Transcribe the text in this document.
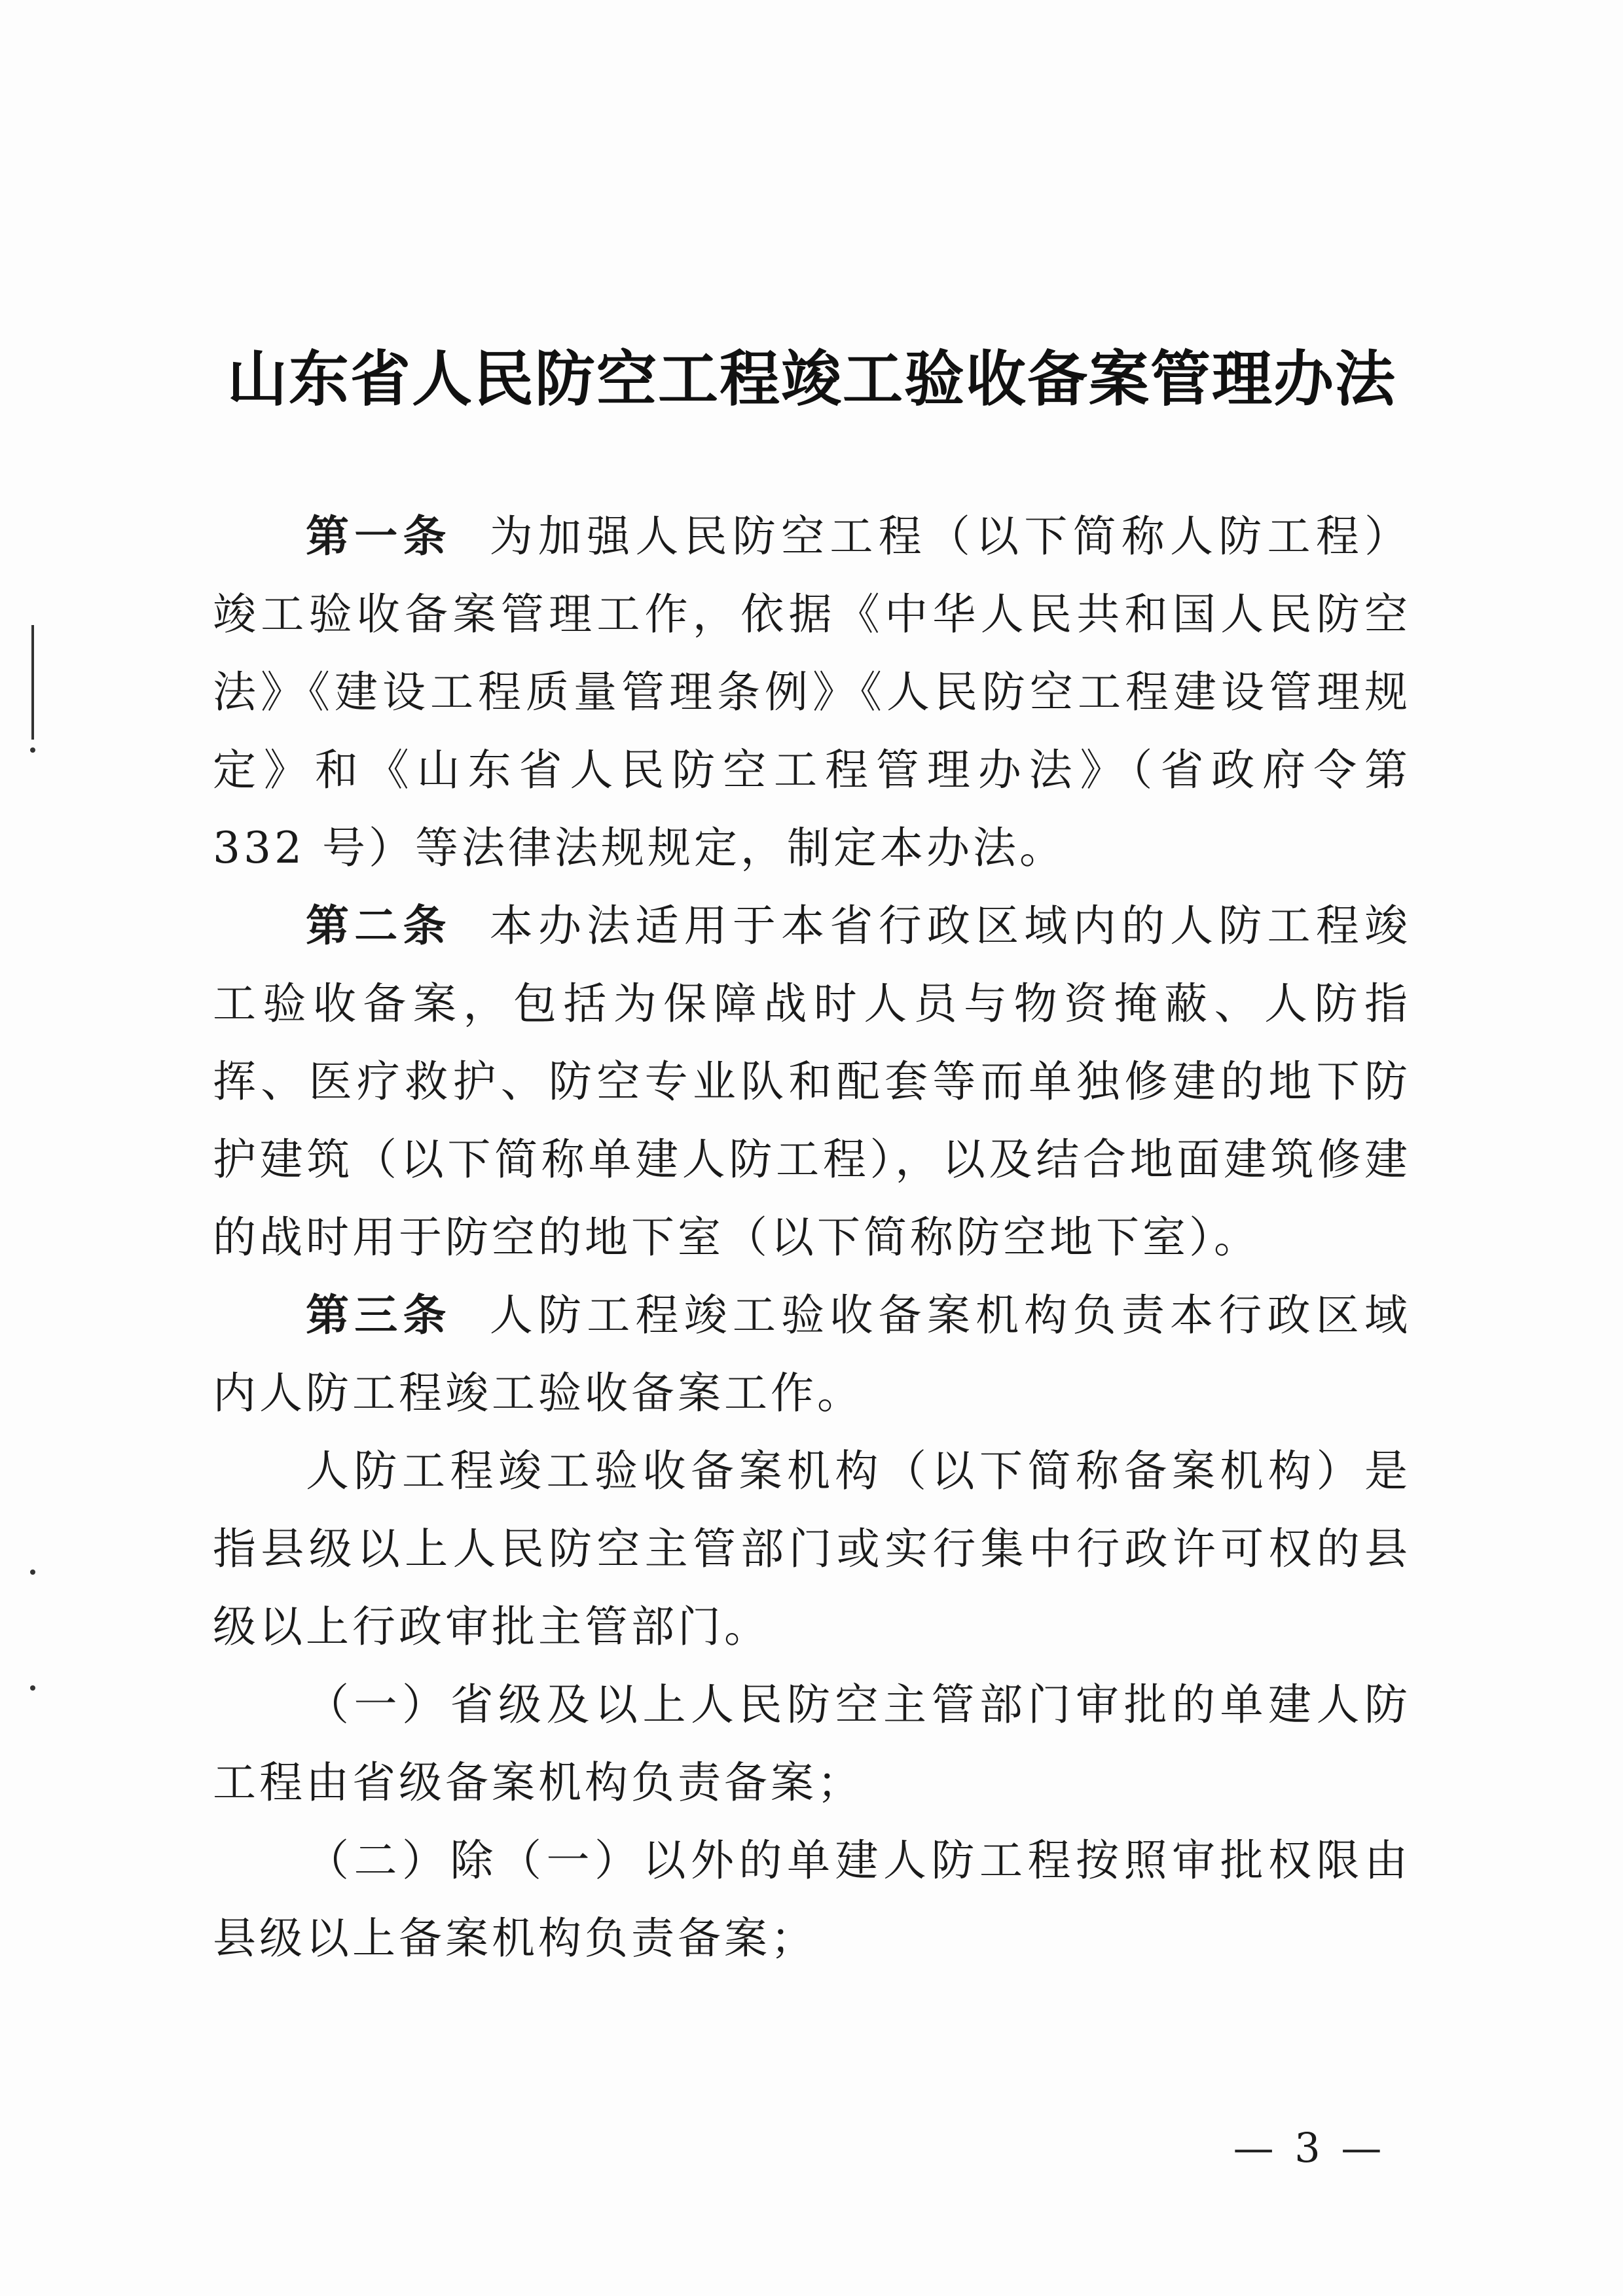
山东省人民防空工程竣工验收备案管理办法

第一条 为加强人民防空工程（以下简称人防工程）竣工验收备案管理工作，依据《中华人民共和国人民防空法》《建设工程质量管理条例》《人民防空工程建设管理规定》和《山东省人民防空工程管理办法》（省政府令第 332 号）等法律法规规定，制定本办法。

第二条 本办法适用于本省行政区域内的人防工程竣工验收备案，包括为保障战时人员与物资掩蔽、人防指挥、医疗救护、防空专业队和配套等而单独修建的地下防护建筑（以下简称单建人防工程），以及结合地面建筑修建的战时用于防空的地下室（以下简称防空地下室）。

第三条 人防工程竣工验收备案机构负责本行政区域内人防工程竣工验收备案工作。

人防工程竣工验收备案机构（以下简称备案机构）是指县级以上人民防空主管部门或实行集中行政许可权的县级以上行政审批主管部门。

（一）省级及以上人民防空主管部门审批的单建人防工程由省级备案机构负责备案；

（二）除（一）以外的单建人防工程按照审批权限由县级以上备案机构负责备案；

— 3 —
